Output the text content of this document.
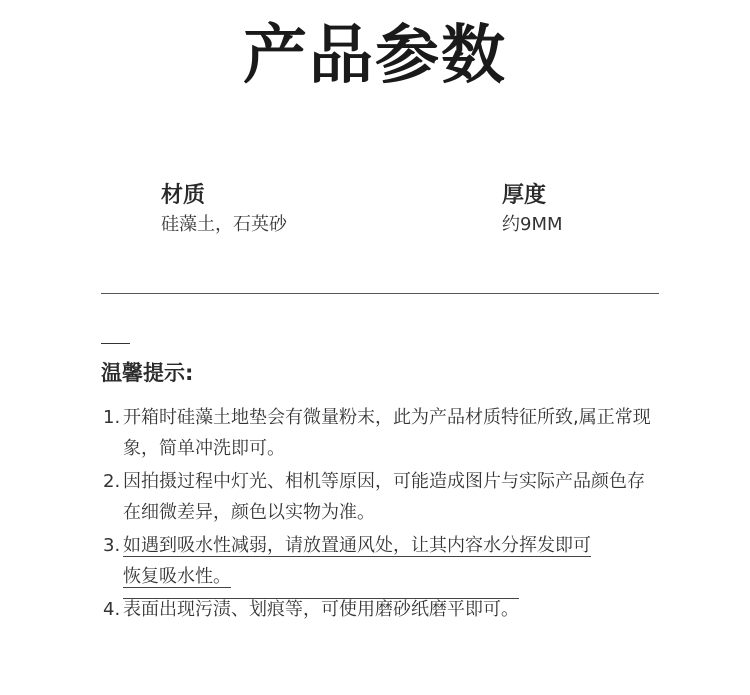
产品参数
材质
硅藻土，石英砂
厚度
约9MM
温馨提示:
1. 开箱时硅藻土地垫会有微量粉末，此为产品材质特征所致,属正常现象，简单冲洗即可。
2. 因拍摄过程中灯光、相机等原因，可能造成图片与实际产品颜色存在细微差异，颜色以实物为准。
3. 如遇到吸水性减弱，请放置通风处，让其内容水分挥发即可
恢复吸水性。
4. 表面出现污渍、划痕等，可使用磨砂纸磨平即可。
